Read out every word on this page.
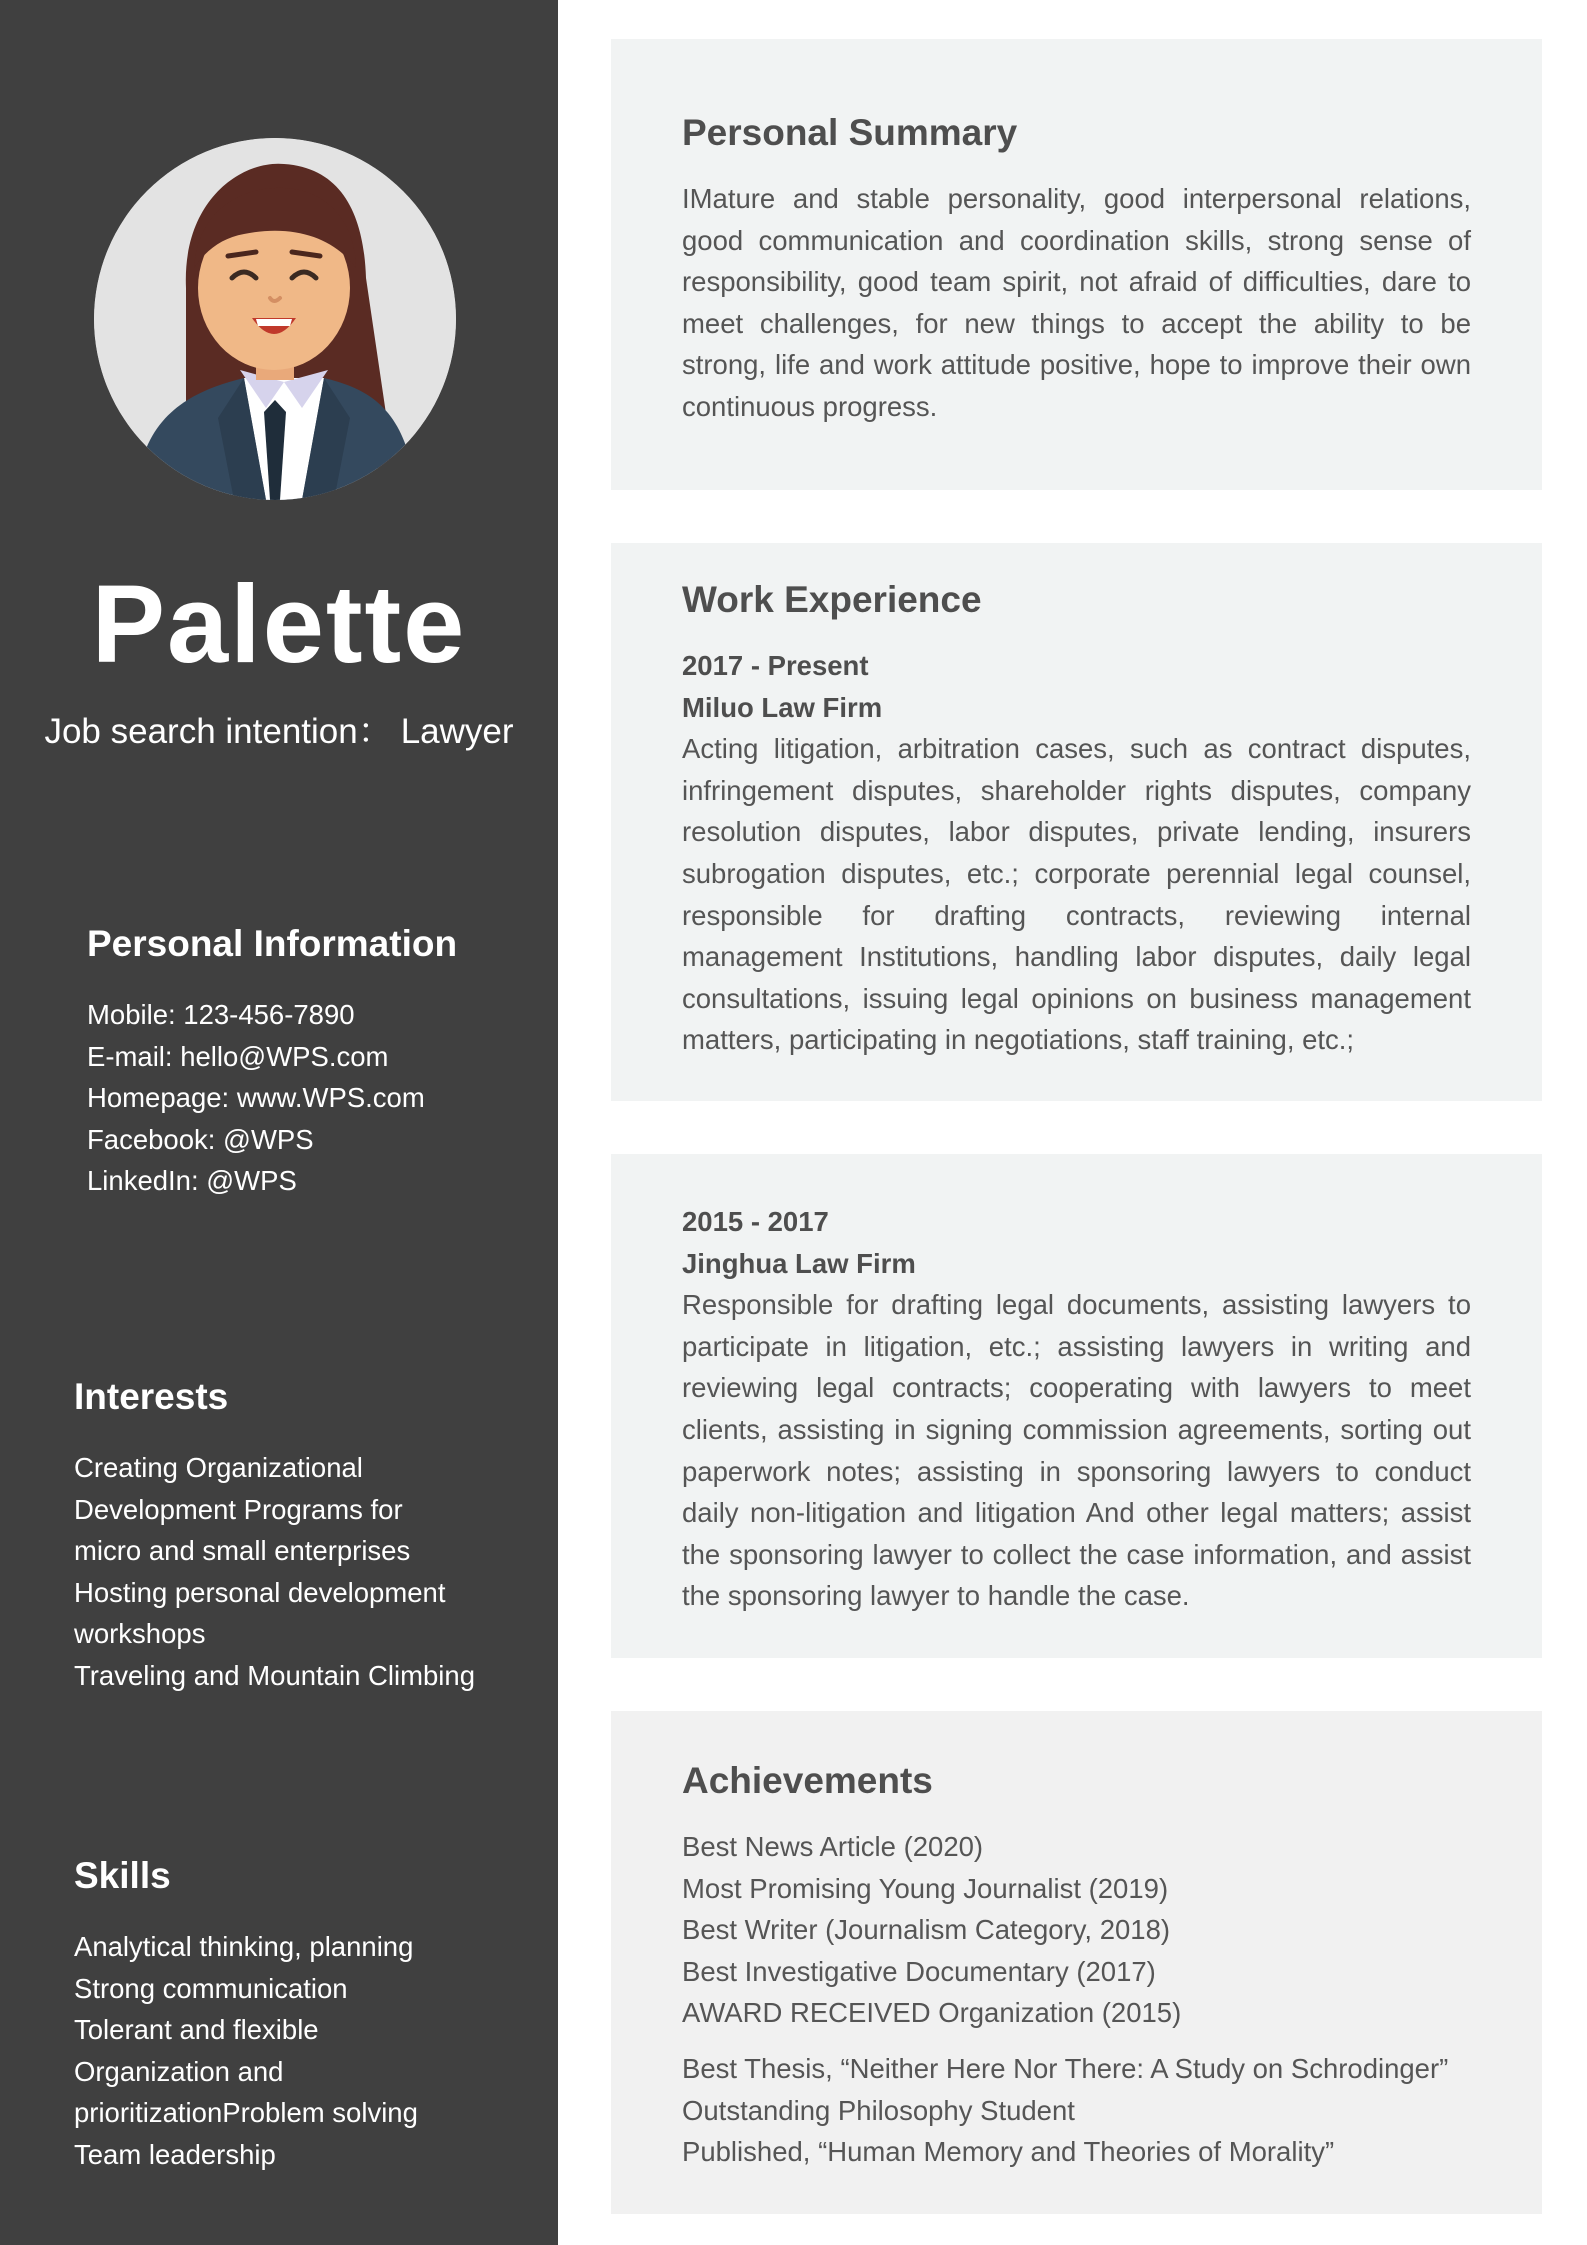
Palette
Job search intention： Lawyer
Personal Information
Mobile: 123-456-7890
E-mail: hello@WPS.com
Homepage: www.WPS.com
Facebook: @WPS
LinkedIn: @WPS
Interests
Creating Organizational
Development Programs for
micro and small enterprises
Hosting personal development
workshops
Traveling and Mountain Climbing
Skills
Analytical thinking, planning
Strong communication
Tolerant and flexible
Organization and
prioritizationProblem solving
Team leadership
Personal Summary
IMature and stable personality, good interpersonal relations, good communication and coordination skills, strong sense of responsibility, good team spirit, not afraid of difficulties, dare to meet challenges, for new things to accept the ability to be strong, life and work attitude positive, hope to improve their own continuous progress.
Work Experience
2017 - Present
Miluo Law Firm
Acting litigation, arbitration cases, such as contract disputes, infringement disputes, shareholder rights disputes, company resolution disputes, labor disputes, private lending, insurers subrogation disputes, etc.; corporate perennial legal counsel, responsible for drafting contracts, reviewing internal management Institutions, handling labor disputes, daily legal consultations, issuing legal opinions on business management matters, participating in negotiations, staff training, etc.;
2015 - 2017
Jinghua Law Firm
Responsible for drafting legal documents, assisting lawyers to participate in litigation, etc.; assisting lawyers in writing and reviewing legal contracts; cooperating with lawyers to meet clients, assisting in signing commission agreements, sorting out paperwork notes; assisting in sponsoring lawyers to conduct daily non-litigation and litigation And other legal matters; assist the sponsoring lawyer to collect the case information, and assist the sponsoring lawyer to handle the case.
Achievements
Best News Article (2020)
Most Promising Young Journalist (2019)
Best Writer (Journalism Category, 2018)
Best Investigative Documentary (2017)
AWARD RECEIVED Organization (2015)
Best Thesis, “Neither Here Nor There: A Study on Schrodinger”
Outstanding Philosophy Student
Published, “Human Memory and Theories of Morality”
